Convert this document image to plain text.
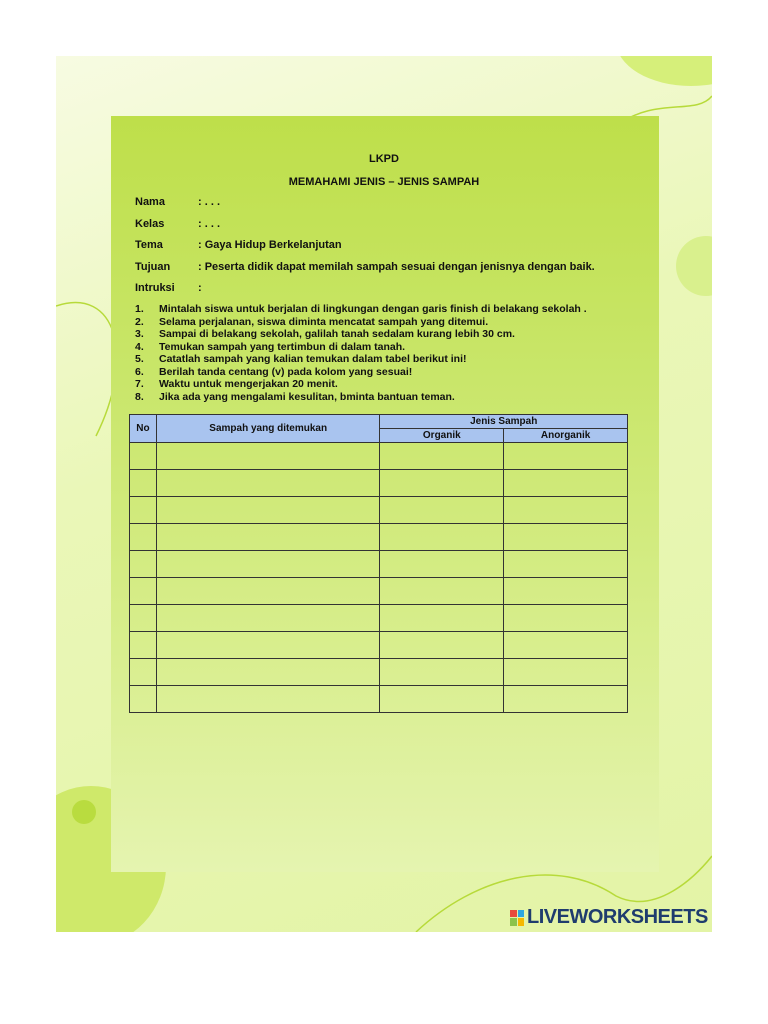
LKPD
MEMAHAMI JENIS – JENIS SAMPAH
Nama	: . . .
Kelas	: . . .
Tema	: Gaya Hidup Berkelanjutan
Tujuan	: Peserta didik dapat memilah sampah sesuai dengan jenisnya dengan baik.
Intruksi :
1.	Mintalah siswa untuk berjalan di lingkungan dengan garis finish di belakang sekolah .
2.	Selama perjalanan, siswa diminta mencatat sampah yang ditemui.
3.	Sampai di belakang sekolah, galilah tanah sedalam kurang lebih 30 cm.
4.	Temukan sampah yang tertimbun di dalam tanah.
5.	Catatlah sampah yang kalian temukan dalam tabel berikut ini!
6.	Berilah tanda centang (v) pada kolom yang sesuai!
7.	Waktu untuk mengerjakan 20 menit.
8.	Jika ada yang mengalami kesulitan, bminta bantuan teman.
No	Sampah yang ditemukan	Jenis Sampah	
		Organik	Anorganik

LIVEWORKSHEETS
